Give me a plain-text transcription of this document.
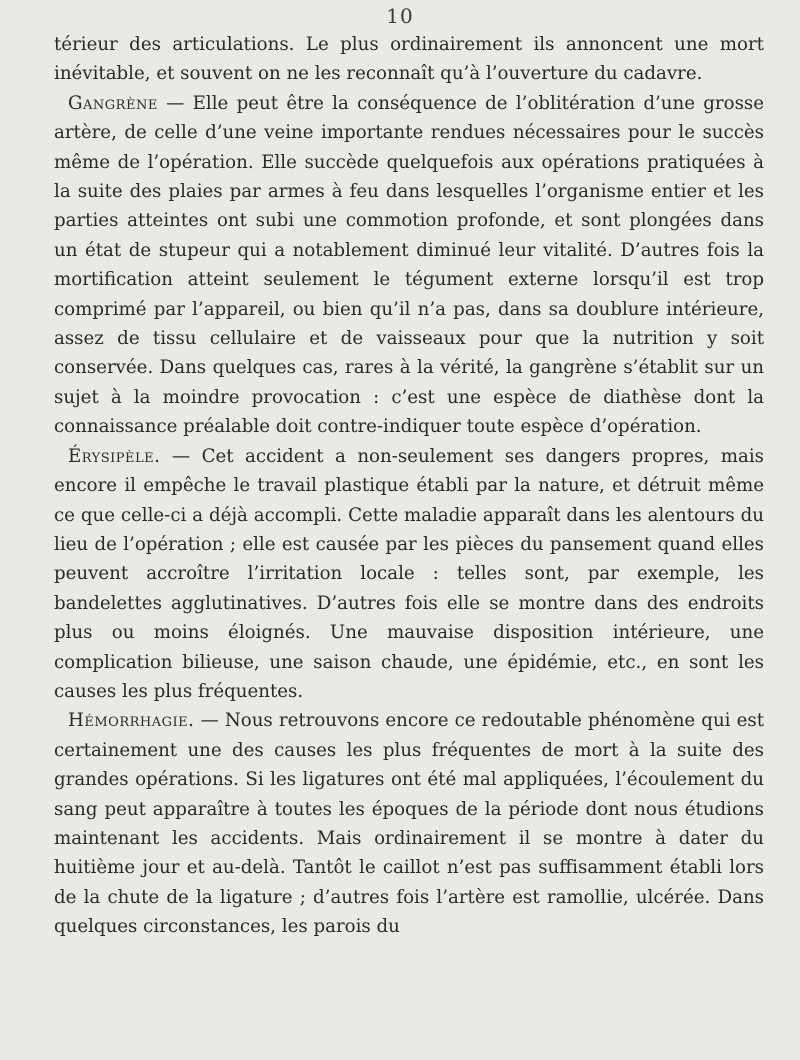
10

térieur des articulations. Le plus ordinairement ils annoncent une mort inévitable, et souvent on ne les reconnaît qu’à l’ouverture du cadavre.

Gangrène — Elle peut être la conséquence de l’oblitération d’une grosse artère, de celle d’une veine importante rendues nécessaires pour le succès même de l’opération. Elle succède quelquefois aux opérations pratiquées à la suite des plaies par armes à feu dans lesquelles l’organisme entier et les parties atteintes ont subi une commotion profonde, et sont plongées dans un état de stupeur qui a notablement diminué leur vitalité. D’autres fois la mortification atteint seulement le tégument externe lorsqu’il est trop comprimé par l’appareil, ou bien qu’il n’a pas, dans sa doublure intérieure, assez de tissu cellulaire et de vaisseaux pour que la nutrition y soit conservée. Dans quelques cas, rares à la vérité, la gangrène s’établit sur un sujet à la moindre provocation : c’est une espèce de diathèse dont la connaissance préalable doit contre-indiquer toute espèce d’opération.

Érysipèle. — Cet accident a non-seulement ses dangers propres, mais encore il empêche le travail plastique établi par la nature, et détruit même ce que celle-ci a déjà accompli. Cette maladie apparaît dans les alentours du lieu de l’opération ; elle est causée par les pièces du pansement quand elles peuvent accroître l’irritation locale : telles sont, par exemple, les bandelettes agglutinatives. D’autres fois elle se montre dans des endroits plus ou moins éloignés. Une mauvaise disposition intérieure, une complication bilieuse, une saison chaude, une épidémie, etc., en sont les causes les plus fréquentes.

Hémorrhagie. — Nous retrouvons encore ce redoutable phénomène qui est certainement une des causes les plus fréquentes de mort à la suite des grandes opérations. Si les ligatures ont été mal appliquées, l’écoulement du sang peut apparaître à toutes les époques de la période dont nous étudions maintenant les accidents. Mais ordinairement il se montre à dater du huitième jour et au-delà. Tantôt le caillot n’est pas suffisamment établi lors de la chute de la ligature ; d’autres fois l’artère est ramollie, ulcérée. Dans quelques circonstances, les parois du
